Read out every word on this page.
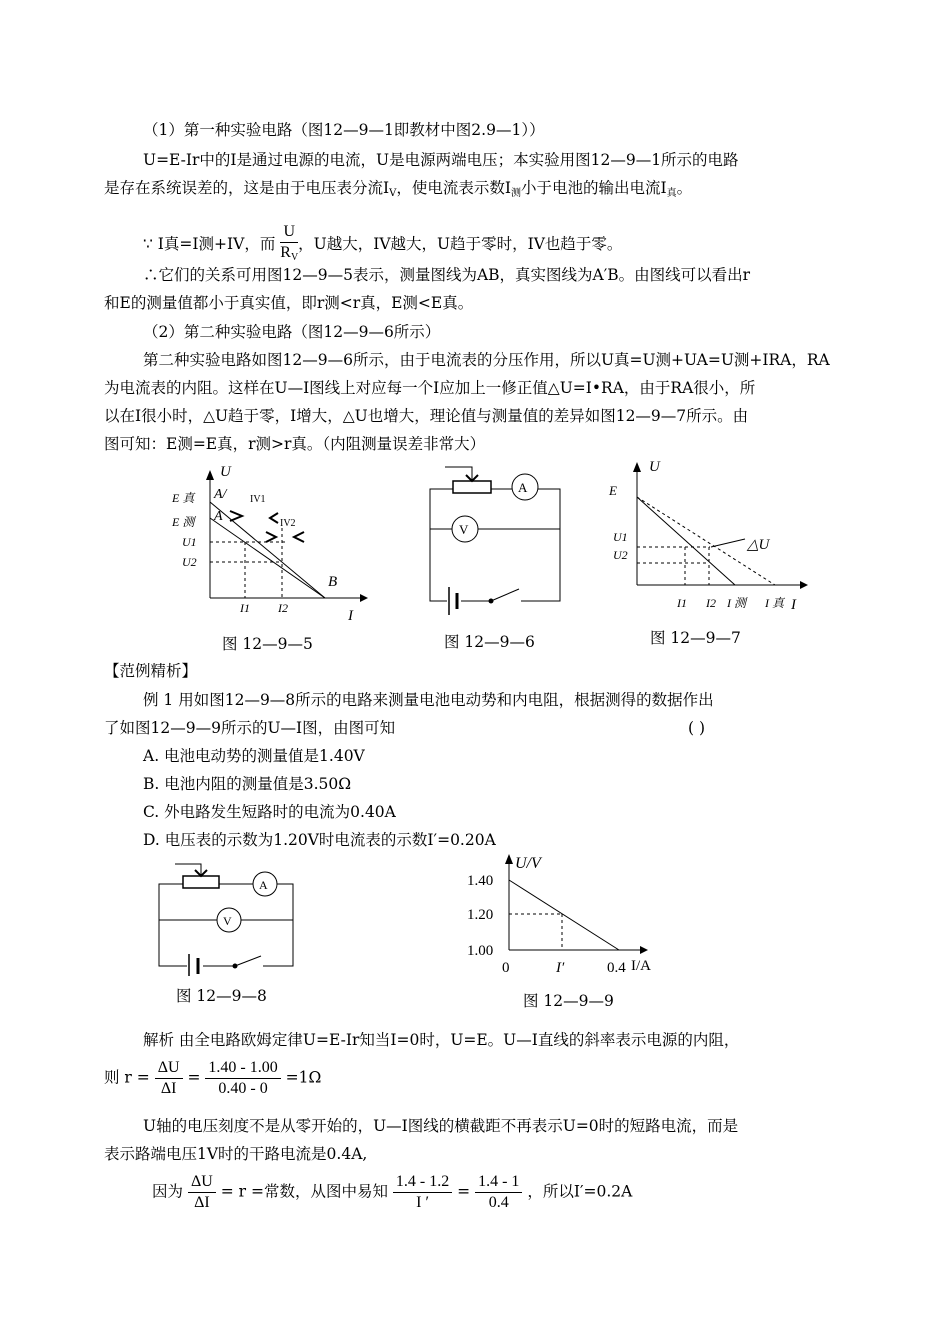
（1）第一种实验电路（图12—9—1即教材中图2.9—1））
U=E-Ir中的I是通过电源的电流，U是电源两端电压；本实验用图12—9—1所示的电路
是存在系统误差的，这是由于电压表分流$I_V$，使电流表示数$I_测$小于电池的输出电流$I_真$。
∵ I真=I测+IV，而 $\frac{U}{R_V}$ ，U越大，IV越大，U趋于零时，IV也趋于零。
∴它们的关系可用图12—9—5表示，测量图线为AB，真实图线为A′B。由图线可以看出r
和E的测量值都小于真实值，即r测<r真，E测<E真。
（2）第二种实验电路（图12—9—6所示）
第二种实验电路如图12—9—6所示，由于电流表的分压作用，所以U真=U测+UA=U测+IRA，RA
为电流表的内阻。这样在U—I图线上对应每一个I应加上一修正值△U=I•RA，由于RA很小，所
以在I很小时，△U趋于零，I增大，△U也增大，理论值与测量值的差异如图12—9—7所示。由
图可知：E测=E真，r测>r真。（内阻测量误差非常大）
U
I
E 真
E 测
U1
U2
I1 I2
A/
A
B
IV1
IV2
图 12—9—5
A
V
图 12—9—6
U
E
U1
U2
I1 I2 I 测 I 真 I
△U
图 12—9—7
【范例精析】
例 1 用如图12—9—8所示的电路来测量电池电动势和内电阻，根据测得的数据作出
了如图12—9—9所示的U—I图，由图可知	( )
A. 电池电动势的测量值是1.40V
B. 电池内阻的测量值是3.50Ω
C. 外电路发生短路时的电流为0.40A
D. 电压表的示数为1.20V时电流表的示数I′=0.20A
A
V
图 12—9—8
U/V
1.40
1.20
1.00
0	I′	0.4 I/A
图 12—9—9
解析 由全电路欧姆定律U=E-Ir知当I=0时，U=E。U—I直线的斜率表示电源的内阻，
则 $r = \frac{\Delta U}{\Delta I} = \frac{1.40 - 1.00}{0.40 - 0} =1\Omega$
U轴的电压刻度不是从零开始的，U—I图线的横截距不再表示U=0时的短路电流，而是
表示路端电压1V时的干路电流是0.4A,
因为 $\frac{\Delta U}{\Delta I} = r$ =常数，从图中易知 $\frac{1.4 - 1.2}{I '} = \frac{1.4 - 1}{0.4}$ ，所以I′=0.2A
